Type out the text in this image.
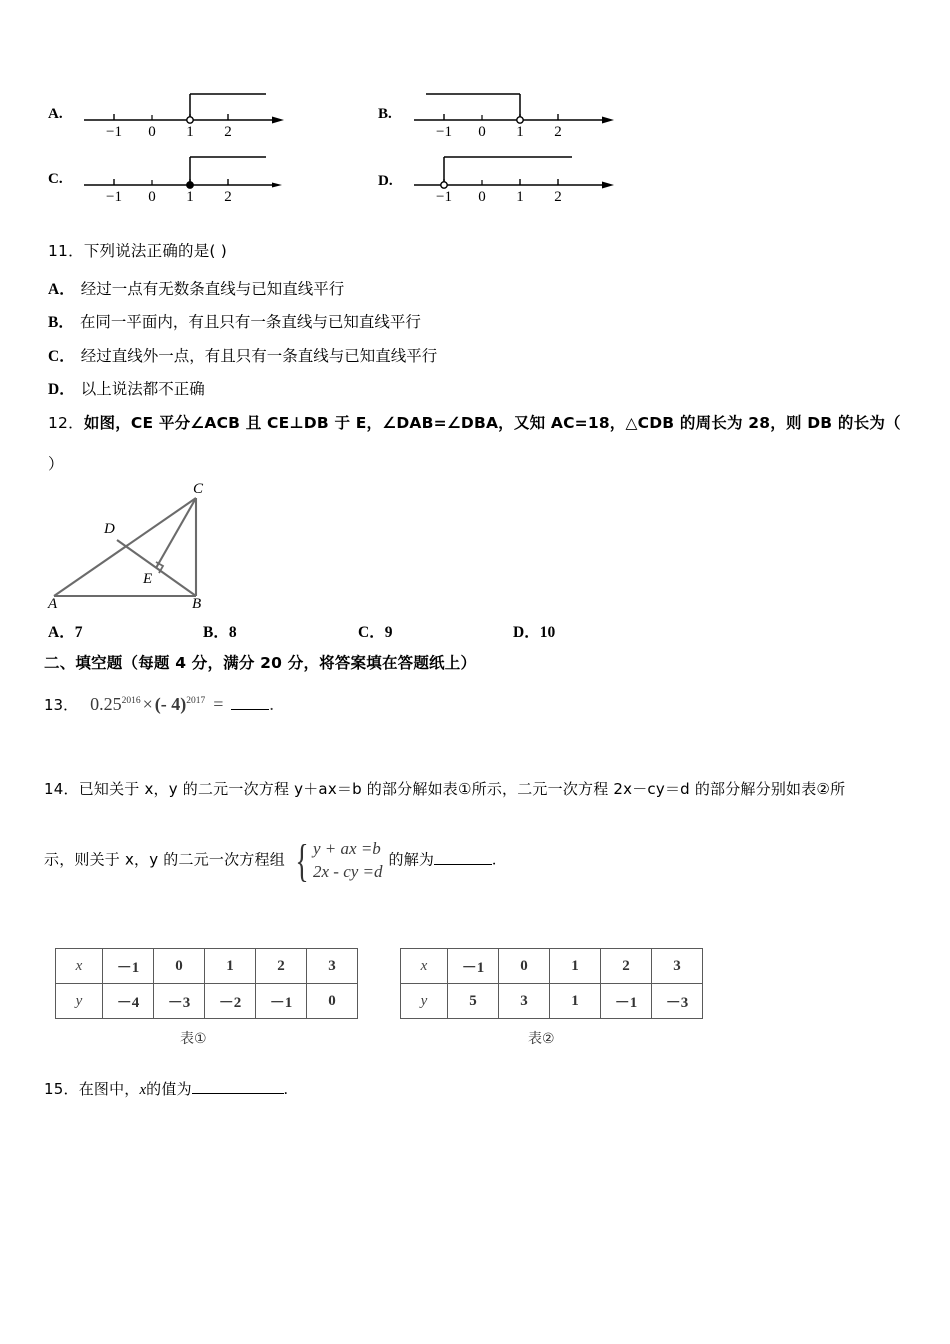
A.
−1 0 1 2
B.
−1 0 1 2
C.
−1 0 1 2
D.
−1 0 1 2
11．下列说法正确的是( )
A． 经过一点有无数条直线与已知直线平行
B． 在同一平面内，有且只有一条直线与已知直线平行
C． 经过直线外一点，有且只有一条直线与已知直线平行
D． 以上说法都不正确
12．如图，CE 平分∠ACB 且 CE⊥DB 于 E，∠DAB=∠DBA，又知 AC=18，△CDB 的周长为 28，则 DB 的长为（
）
A	B
C
D
E
A．7	B．8	C．9	D．10
二、填空题（每题 4 分，满分 20 分，将答案填在答题纸上）
13． $0.25^{2016}$ × (- 4)$^{2017}$ =	.
14．已知关于 x，y 的二元一次方程 y＋ax＝b 的部分解如表①所示，二元一次方程 2x－cy＝d 的部分解分别如表②所
示，则关于 x，y 的二元一次方程组 { y + ax =b
2x - cy =d
的解为	.
x	－1	0	1	2	3
y	－4	－3	－2	－1	0
表①
x	－1	0	1	2	3
y	5	3	1	－1	－3
表②
15．在图中，x的值为	.
